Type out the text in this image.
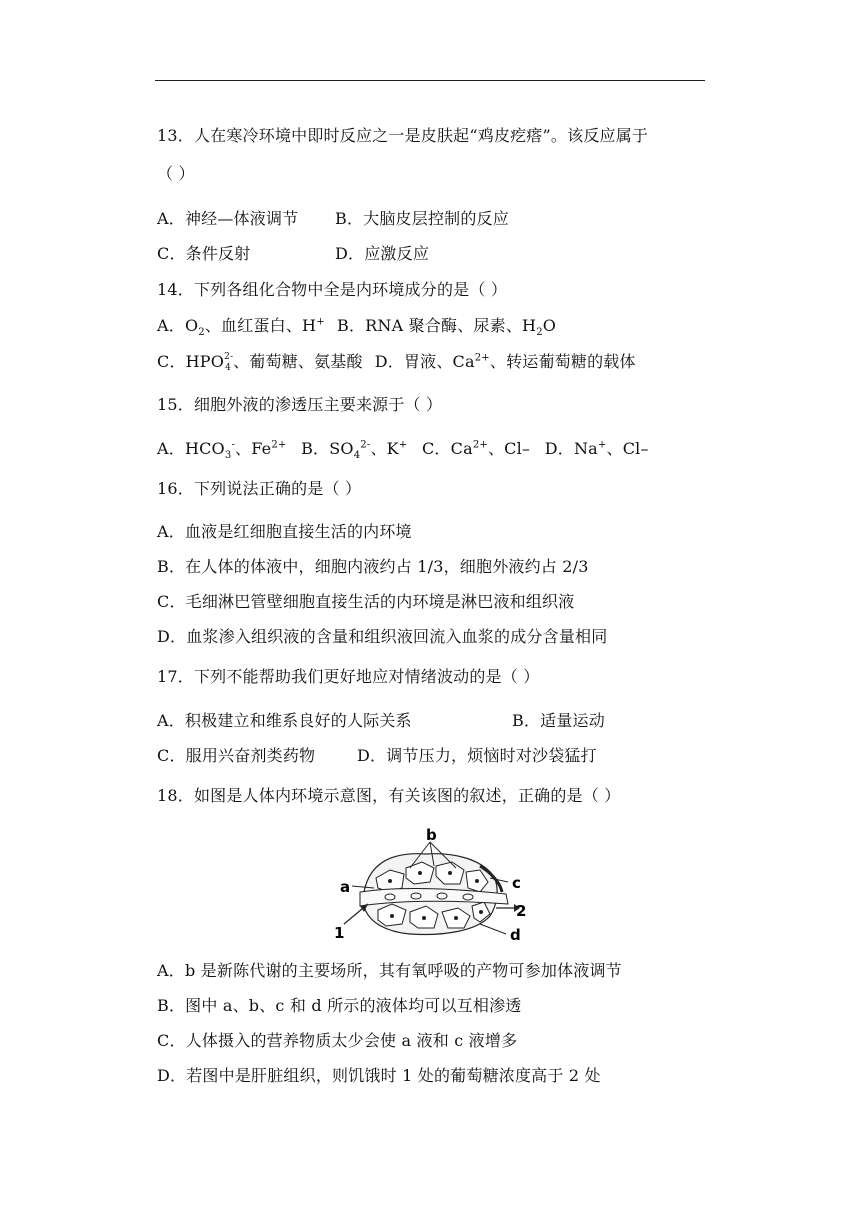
13．人在寒冷环境中即时反应之一是皮肤起“鸡皮疙瘩”。该反应属于
（ ）
A．神经—体液调节 B．大脑皮层控制的反应
C．条件反射	D．应激反应
14．下列各组化合物中全是内环境成分的是（ ）
A．$O_2$、血红蛋白、H+ B．RNA 聚合酶、尿素、$H_2O$
C．HPO 2-
4 、葡萄糖、氨基酸 D．胃液、$Ca^{2+}$、转运葡萄糖的载体
15．细胞外液的渗透压主要来源于（ ）
A．$HCO_3^-$、$Fe^{2+}$ B．$SO_4^{2-}$、K+ C．$Ca^{2+}$、Cl– D．Na+、Cl–
16．下列说法正确的是（ ）
A．血液是红细胞直接生活的内环境
B．在人体的体液中，细胞内液约占 1/3，细胞外液约占 2/3
C．毛细淋巴管壁细胞直接生活的内环境是淋巴液和组织液
D．血浆渗入组织液的含量和组织液回流入血浆的成分含量相同
17．下列不能帮助我们更好地应对情绪波动的是（ ）
A．积极建立和维系良好的人际关系	B．适量运动
C．服用兴奋剂类药物	D．调节压力，烦恼时对沙袋猛打
18．如图是人体内环境示意图，有关该图的叙述，正确的是（ ）
b
a	c
d
1
2
A．b 是新陈代谢的主要场所，其有氧呼吸的产物可参加体液调节
B．图中 a、b、c 和 d 所示的液体均可以互相渗透
C．人体摄入的营养物质太少会使 a 液和 c 液增多
D．若图中是肝脏组织，则饥饿时 1 处的葡萄糖浓度高于 2 处
